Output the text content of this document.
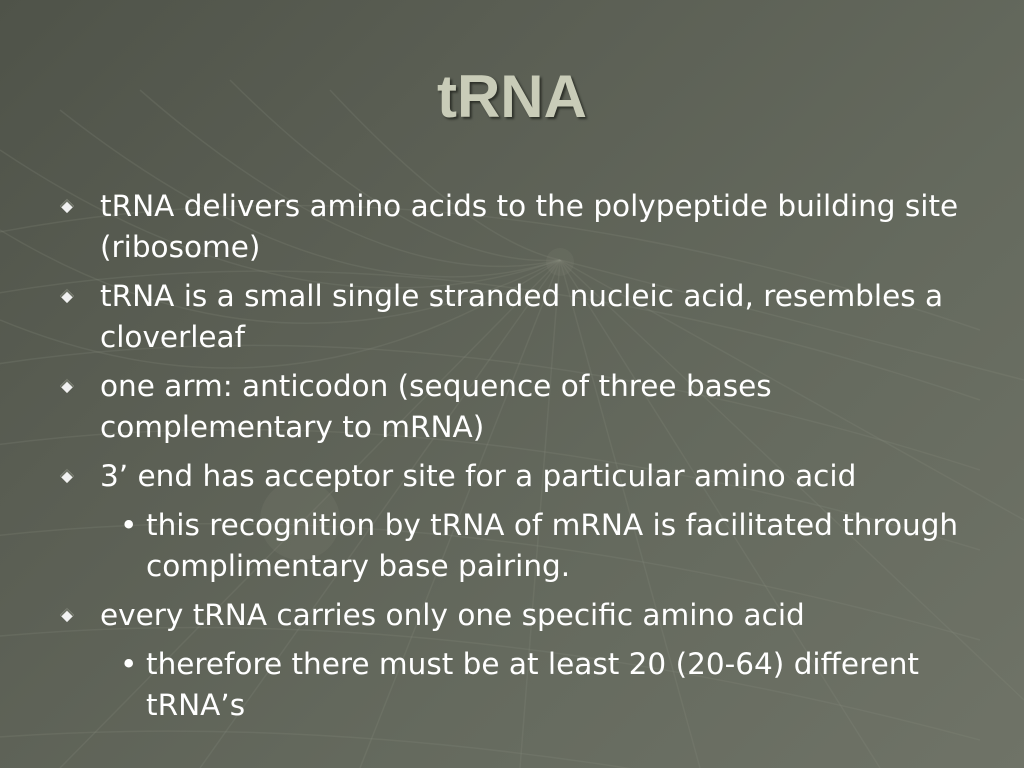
tRNA
tRNA delivers amino acids to the polypeptide building site (ribosome)
tRNA is a small single stranded nucleic acid, resembles a cloverleaf
one arm: anticodon (sequence of three bases complementary to mRNA)
3’ end has acceptor site for a particular amino acid
• this recognition by tRNA of mRNA is facilitated through complimentary base pairing.
every tRNA carries only one specific amino acid
• therefore there must be at least 20 (20-64) different tRNA’s
